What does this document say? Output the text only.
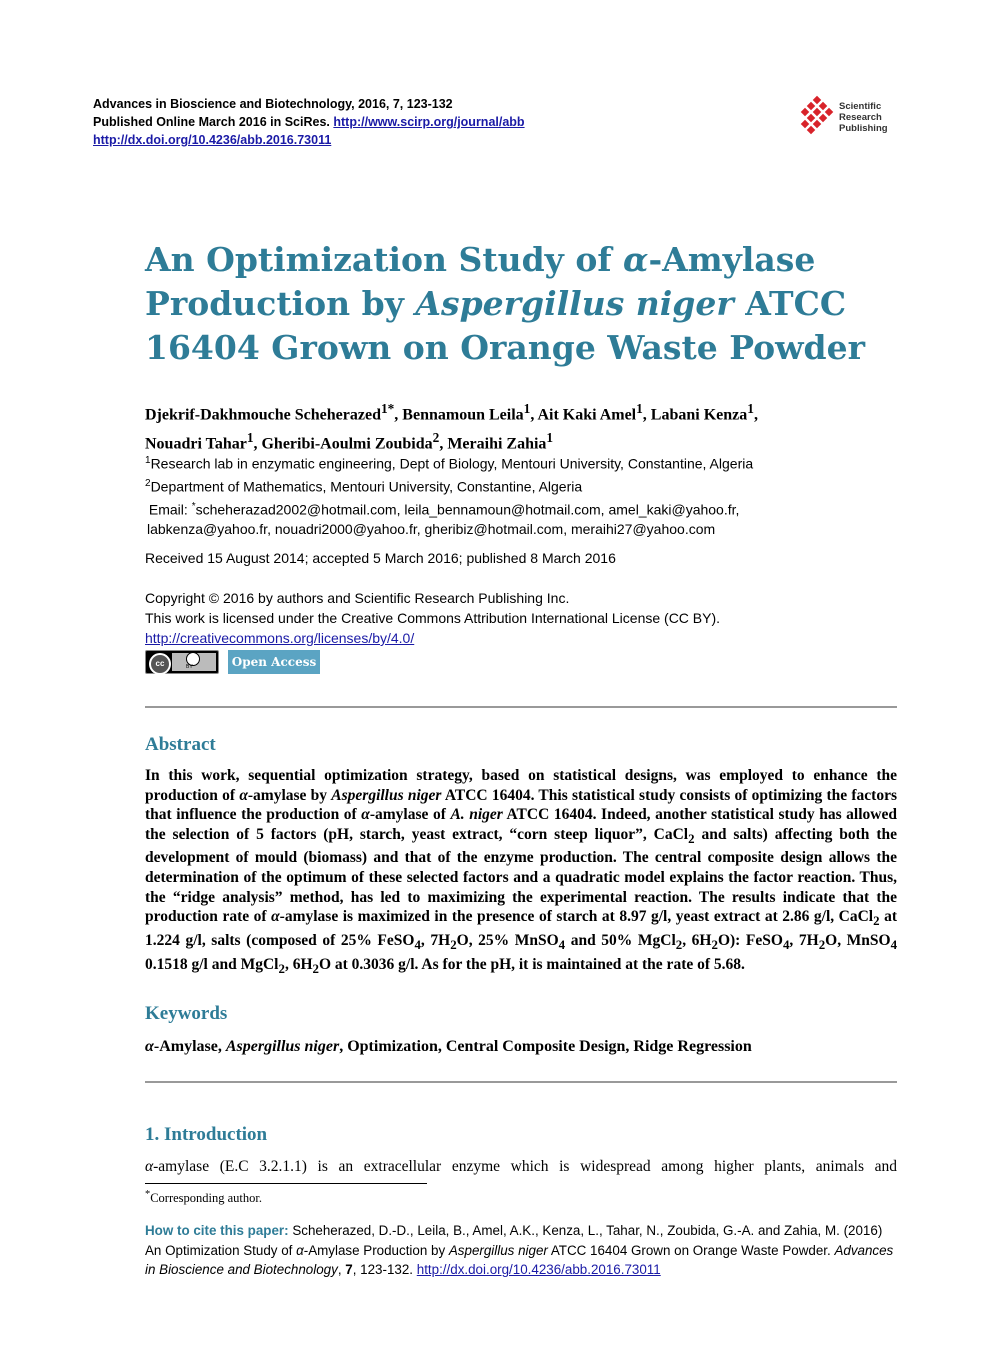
Advances in Bioscience and Biotechnology, 2016, 7, 123-132
Published Online March 2016 in SciRes. http://www.scirp.org/journal/abb
http://dx.doi.org/10.4236/abb.2016.73011
Scientific
Research
Publishing
An Optimization Study of α-Amylase Production by Aspergillus niger ATCC 16404 Grown on Orange Waste Powder
Djekrif-Dakhmouche Scheherazed$^{1*}$, Bennamoun Leila$^1$, Ait Kaki Amel$^1$, Labani Kenza$^1$,
Nouadri Tahar$^1$, Gheribi-Aoulmi Zoubida$^2$, Meraihi Zahia$^1$
$^1$Research lab in enzymatic engineering, Dept of Biology, Mentouri University, Constantine, Algeria
$^2$Department of Mathematics, Mentouri University, Constantine, Algeria
Email: *scheherazad2002@hotmail.com, leila_bennamoun@hotmail.com, amel_kaki@yahoo.fr,
labkenza@yahoo.fr, nouadri2000@yahoo.fr, gheribiz@hotmail.com, meraihi27@yahoo.com
Received 15 August 2014; accepted 5 March 2016; published 8 March 2016
Copyright © 2016 by authors and Scientific Research Publishing Inc.
This work is licensed under the Creative Commons Attribution International License (CC BY).
http://creativecommons.org/licenses/by/4.0/
cc	BY	Open Access
Abstract
In this work, sequential optimization strategy, based on statistical designs, was employed to enhance the production of α-amylase by Aspergillus niger ATCC 16404. This statistical study consists of optimizing the factors that influence the production of α-amylase of A. niger ATCC 16404. Indeed, another statistical study has allowed the selection of 5 factors (pH, starch, yeast extract, “corn steep liquor”, CaCl$_2$ and salts) affecting both the development of mould (biomass) and that of the enzyme production. The central composite design allows the determination of the optimum of these selected factors and a quadratic model explains the factor reaction. Thus, the “ridge analysis” method, has led to maximizing the experimental reaction. The results indicate that the production rate of α-amylase is maximized in the presence of starch at 8.97 g/l, yeast extract at 2.86 g/l, CaCl$_2$ at 1.224 g/l, salts (composed of 25% FeSO$_4$, $7H_2O$, 25% MnSO$_4$ and 50% MgCl$_2$, $6H_2O$): FeSO$_4$, $7H_2O$, MnSO$_4$ 0.1518 g/l and MgCl$_2$, $6H_2O$ at 0.3036 g/l. As for the pH, it is maintained at the rate of 5.68.
Keywords
α-Amylase, Aspergillus niger, Optimization, Central Composite Design, Ridge Regression
1. Introduction
α-amylase (E.C 3.2.1.1) is an extracellular enzyme which is widespread among higher plants, animals and
*Corresponding author.
How to cite this paper: Scheherazed, D.-D., Leila, B., Amel, A.K., Kenza, L., Tahar, N., Zoubida, G.-A. and Zahia, M. (2016) An Optimization Study of α-Amylase Production by Aspergillus niger ATCC 16404 Grown on Orange Waste Powder. Advances in Bioscience and Biotechnology, 7, 123-132. http://dx.doi.org/10.4236/abb.2016.73011
